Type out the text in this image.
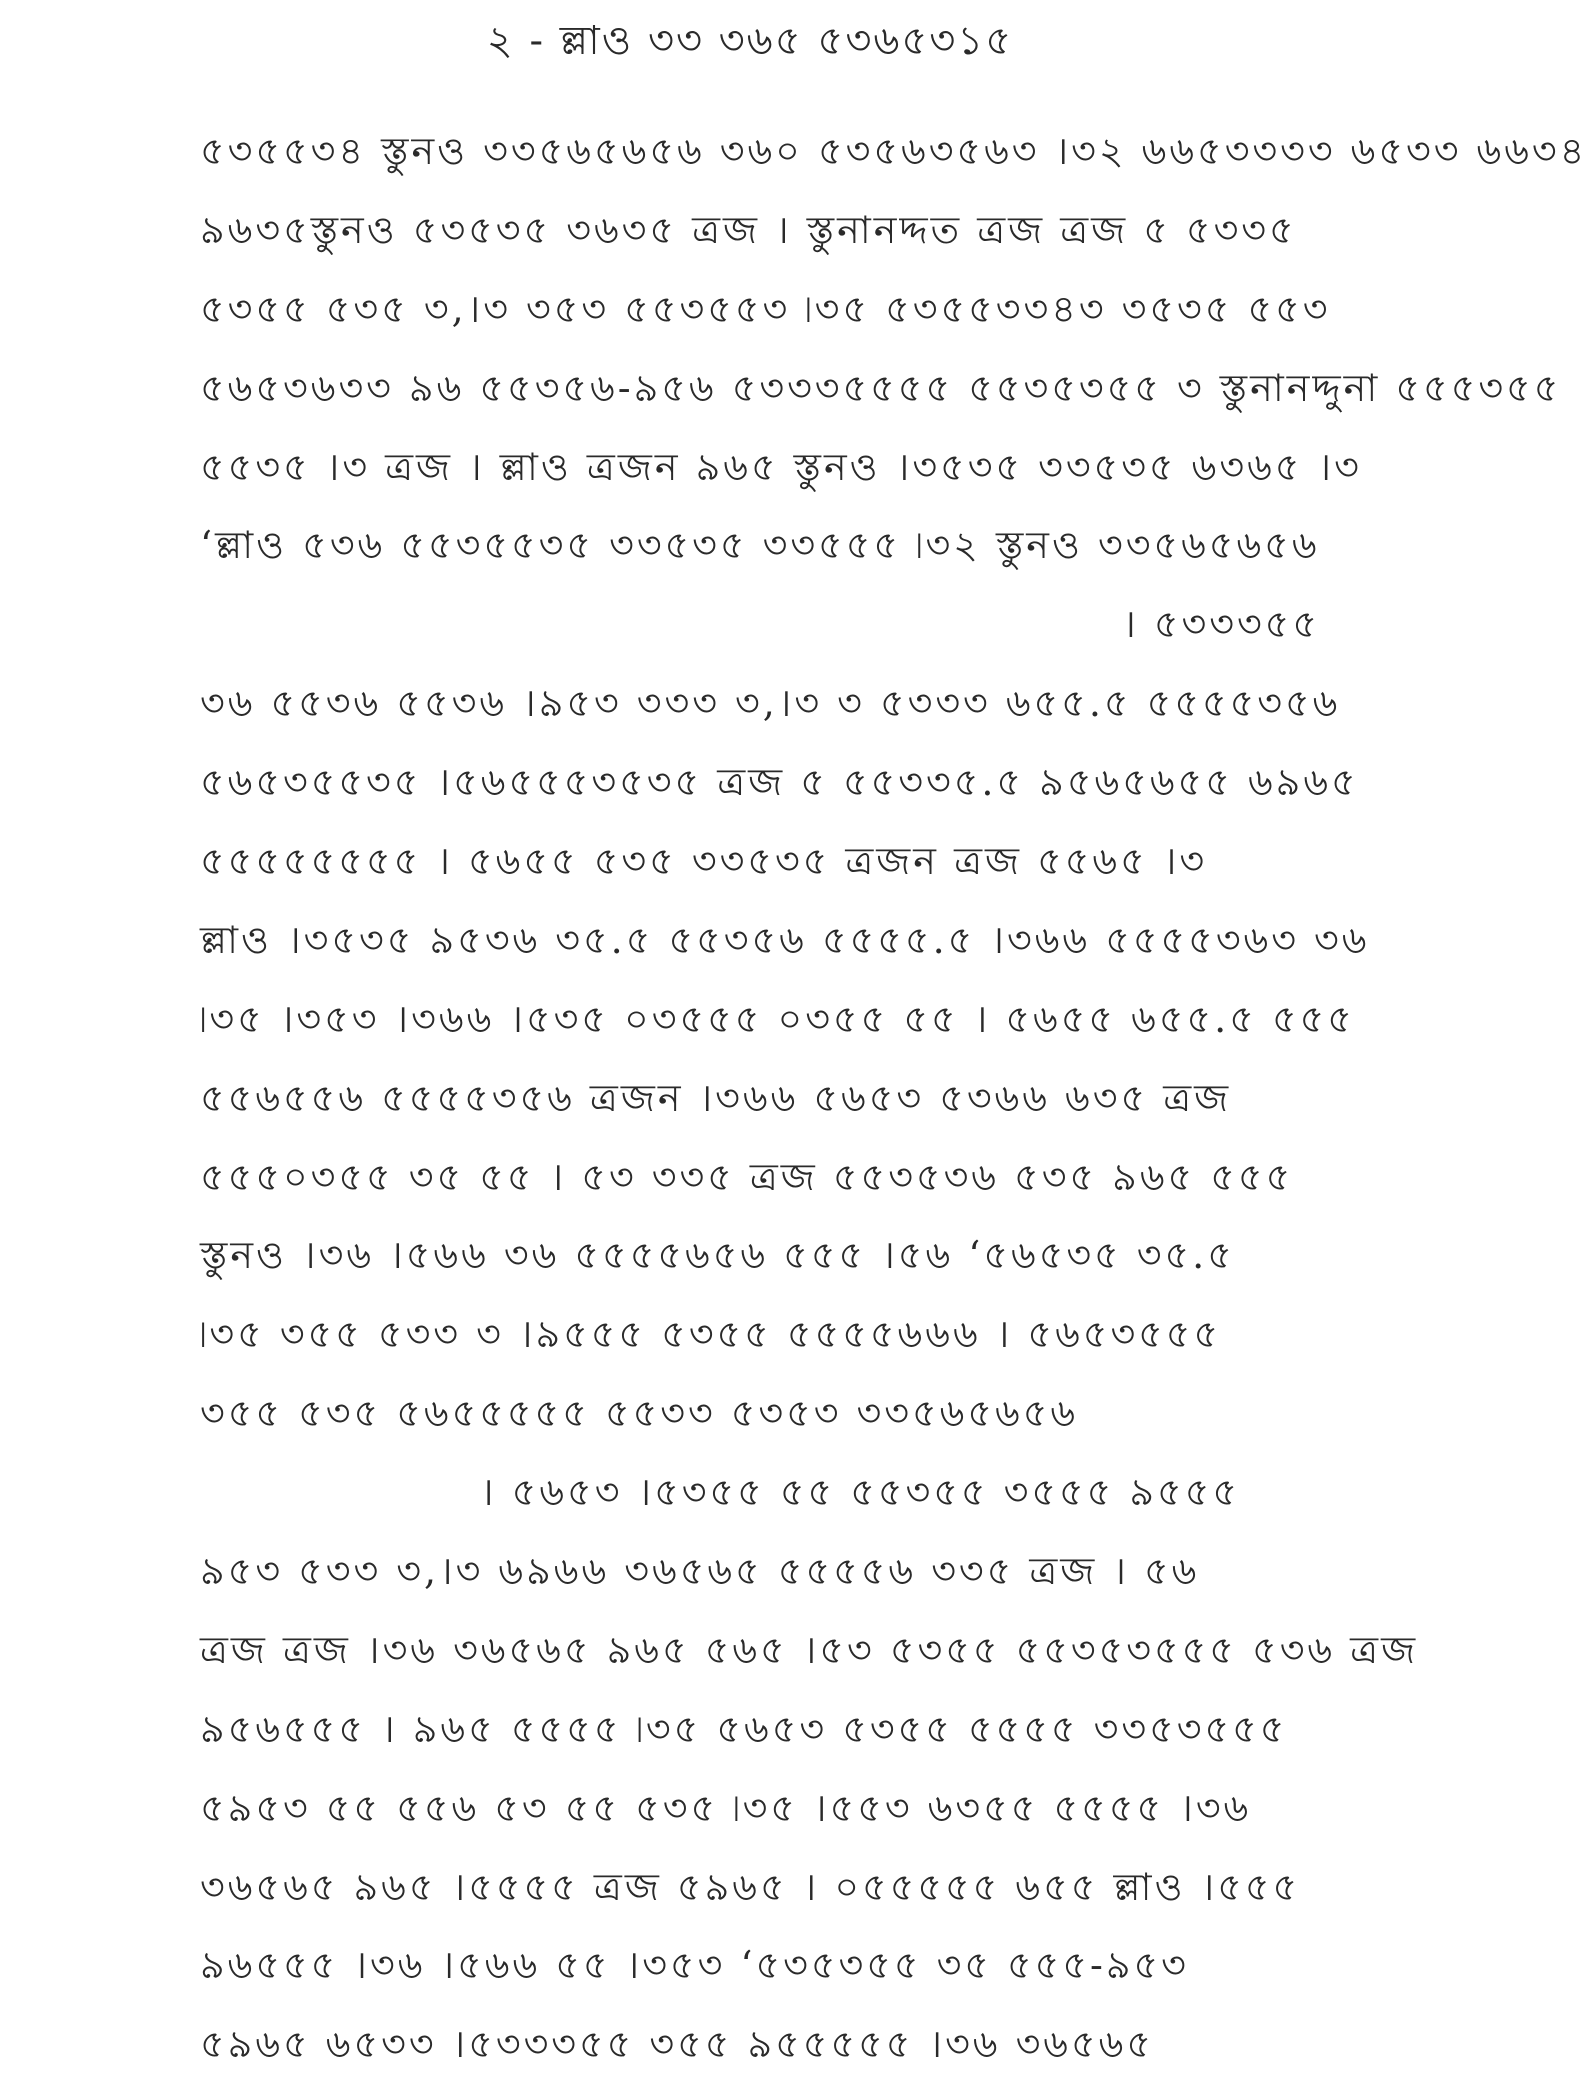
২ - ল্লাও ৩৩ ৩৬৫ ৫৩৬৫৩১৫
৫৩৫৫৩৪ স্তুনও ৩৩৫৬৫৬৫৬ ৩৬০ ৫৩৫৬৩৫৬৩ ।৩২ ৬৬৫৩৩৩৩ ৬৫৩৩ ৬৬৩৪
৯৬৩৫স্তুনও ৫৩৫৩৫ ৩৬৩৫ ত্রজ । স্তুনানদ্দত ত্রজ ত্রজ ৫ ৫৩৩৫
৫৩৫৫ ৫৩৫ ৩,।৩ ৩৫৩ ৫৫৩৫৫৩ ৷৩৫ ৫৩৫৫৩৩৪৩ ৩৫৩৫ ৫৫৩
৫৬৫৩৬৩৩ ৯৬ ৫৫৩৫৬-৯৫৬ ৫৩৩৩৫৫৫৫ ৫৫৩৫৩৫৫ ৩ স্তুনানদ্দুনা ৫৫৫৩৫৫
৫৫৩৫ ।৩ ত্রজ । ল্লাও ত্রজন ৯৬৫ স্তুনও ।৩৫৩৫ ৩৩৫৩৫ ৬৩৬৫ ।৩
‘ল্লাও ৫৩৬ ৫৫৩৫৫৩৫ ৩৩৫৩৫ ৩৩৫৫৫ ৷৩২ স্তুনও ৩৩৫৬৫৬৫৬
। ৫৩৩৩৫৫
৩৬ ৫৫৩৬ ৫৫৩৬ ।৯৫৩ ৩৩৩ ৩,।৩ ৩ ৫৩৩৩ ৬৫৫.৫ ৫৫৫৫৩৫৬
৫৬৫৩৫৫৩৫ ।৫৬৫৫৫৩৫৩৫ ত্রজ ৫ ৫৫৩৩৫.৫ ৯৫৬৫৬৫৫ ৬৯৬৫
৫৫৫৫৫৫৫৫ । ৫৬৫৫ ৫৩৫ ৩৩৫৩৫ ত্রজন ত্রজ ৫৫৬৫ ।৩
ল্লাও ।৩৫৩৫ ৯৫৩৬ ৩৫.৫ ৫৫৩৫৬ ৫৫৫৫.৫ ।৩৬৬ ৫৫৫৫৩৬৩ ৩৬
৷৩৫ ।৩৫৩ ।৩৬৬ ।৫৩৫ ০৩৫৫৫ ০৩৫৫ ৫৫ । ৫৬৫৫ ৬৫৫.৫ ৫৫৫
৫৫৬৫৫৬ ৫৫৫৫৩৫৬ ত্রজন ।৩৬৬ ৫৬৫৩ ৫৩৬৬ ৬৩৫ ত্রজ
৫৫৫০৩৫৫ ৩৫ ৫৫ । ৫৩ ৩৩৫ ত্রজ ৫৫৩৫৩৬ ৫৩৫ ৯৬৫ ৫৫৫
স্তুনও ।৩৬ ।৫৬৬ ৩৬ ৫৫৫৫৬৫৬ ৫৫৫ ।৫৬ ‘৫৬৫৩৫ ৩৫.৫
৷৩৫ ৩৫৫ ৫৩৩ ৩ ।৯৫৫৫ ৫৩৫৫ ৫৫৫৫৬৬৬ । ৫৬৫৩৫৫৫
৩৫৫ ৫৩৫ ৫৬৫৫৫৫৫ ৫৫৩৩ ৫৩৫৩ ৩৩৫৬৫৬৫৬
। ৫৬৫৩ ।৫৩৫৫ ৫৫ ৫৫৩৫৫ ৩৫৫৫ ৯৫৫৫
৯৫৩ ৫৩৩ ৩,।৩ ৬৯৬৬ ৩৬৫৬৫ ৫৫৫৫৬ ৩৩৫ ত্রজ । ৫৬
ত্রজ ত্রজ ।৩৬ ৩৬৫৬৫ ৯৬৫ ৫৬৫ ।৫৩ ৫৩৫৫ ৫৫৩৫৩৫৫৫ ৫৩৬ ত্রজ
৯৫৬৫৫৫ । ৯৬৫ ৫৫৫৫ ৷৩৫ ৫৬৫৩ ৫৩৫৫ ৫৫৫৫ ৩৩৫৩৫৫৫
৫৯৫৩ ৫৫ ৫৫৬ ৫৩ ৫৫ ৫৩৫ ৷৩৫ ।৫৫৩ ৬৩৫৫ ৫৫৫৫ ।৩৬
৩৬৫৬৫ ৯৬৫ ।৫৫৫৫ ত্রজ ৫৯৬৫ । ০৫৫৫৫৫ ৬৫৫ ল্লাও ।৫৫৫
৯৬৫৫৫ ।৩৬ ।৫৬৬ ৫৫ ।৩৫৩ ‘৫৩৫৩৫৫ ৩৫ ৫৫৫-৯৫৩
৫৯৬৫ ৬৫৩৩ ।৫৩৩৩৫৫ ৩৫৫ ৯৫৫৫৫৫ ।৩৬ ৩৬৫৬৫
